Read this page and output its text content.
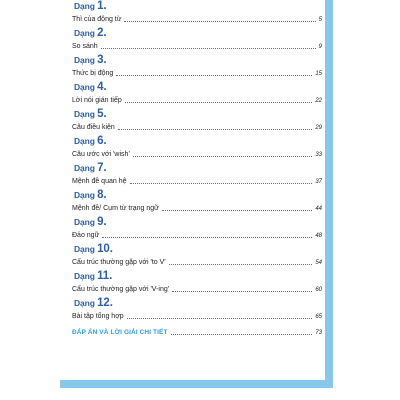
Dạng 1.
Thì của động từ	5
Dạng 2.
So sánh	9
Dạng 3.
Thức bị động	15
Dạng 4.
Lời nói gián tiếp	22
Dạng 5.
Câu điều kiện	29
Dạng 6.
Câu ước với 'wish'	33
Dạng 7.
Mệnh đề quan hệ	37
Dạng 8.
Mệnh đề/ Cụm từ trạng ngữ	44
Dạng 9.
Đảo ngữ	48
Dạng 10.
Cấu trúc thường gặp với 'to V'	54
Dạng 11.
Cấu trúc thường gặp với 'V-ing'	60
Dạng 12.
Bài tập tổng hợp	65
ĐÁP ÁN VÀ LỜI GIẢI CHI TIẾT	73
